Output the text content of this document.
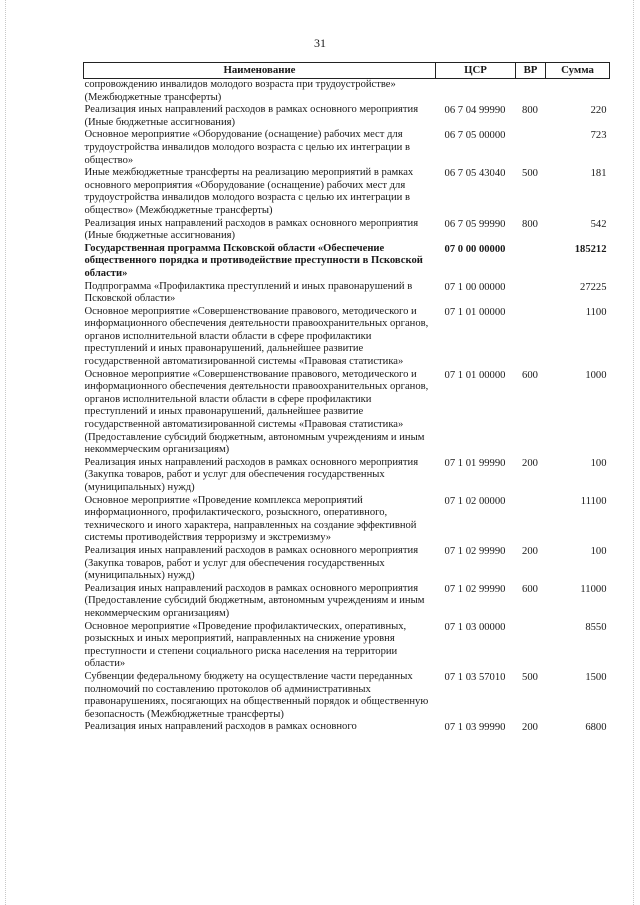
31
Наименование	ЦСР	ВР	Сумма
сопровождению инвалидов молодого возраста при трудоустройстве» (Межбюджетные трансферты)			
Реализация иных направлений расходов в рамках основного мероприятия (Иные бюджетные ассигнования)	06 7 04 99990	800	220
Основное мероприятие «Оборудование (оснащение) рабочих мест для трудоустройства инвалидов молодого возраста с целью их интеграции в общество»	06 7 05 00000		723
Иные межбюджетные трансферты на реализацию мероприятий в рамках основного мероприятия «Оборудование (оснащение) рабочих мест для трудоустройства инвалидов молодого возраста с целью их интеграции в общество» (Межбюджетные трансферты)	06 7 05 43040	500	181
Реализация иных направлений расходов в рамках основного мероприятия (Иные бюджетные ассигнования)	06 7 05 99990	800	542
Государственная программа Псковской области «Обеспечение общественного порядка и противодействие преступности в Псковской области»	07 0 00 00000		185212
Подпрограмма «Профилактика преступлений и иных правонарушений в Псковской области»	07 1 00 00000		27225
Основное мероприятие «Совершенствование правового, методического и информационного обеспечения деятельности правоохранительных органов, органов исполнительной власти области в сфере профилактики преступлений и иных правонарушений, дальнейшее развитие государственной автоматизированной системы «Правовая статистика»	07 1 01 00000		1100
Основное мероприятие «Совершенствование правового, методического и информационного обеспечения деятельности правоохранительных органов, органов исполнительной власти области в сфере профилактики преступлений и иных правонарушений, дальнейшее развитие государственной автоматизированной системы «Правовая статистика» (Предоставление субсидий бюджетным, автономным учреждениям и иным некоммерческим организациям)	07 1 01 00000	600	1000
Реализация иных направлений расходов в рамках основного мероприятия (Закупка товаров, работ и услуг для обеспечения государственных (муниципальных) нужд)	07 1 01 99990	200	100
Основное мероприятие «Проведение комплекса мероприятий информационного, профилактического, розыскного, оперативного, технического и иного характера, направленных на создание эффективной системы противодействия терроризму и экстремизму»	07 1 02 00000		11100
Реализация иных направлений расходов в рамках основного мероприятия (Закупка товаров, работ и услуг для обеспечения государственных (муниципальных) нужд)	07 1 02 99990	200	100
Реализация иных направлений расходов в рамках основного мероприятия (Предоставление субсидий бюджетным, автономным учреждениям и иным некоммерческим организациям)	07 1 02 99990	600	11000
Основное мероприятие «Проведение профилактических, оперативных, розыскных и иных мероприятий, направленных на снижение уровня преступности и степени социального риска населения на территории области»	07 1 03 00000		8550
Субвенции федеральному бюджету на осуществление части переданных полномочий по составлению протоколов об административных правонарушениях, посягающих на общественный порядок и общественную безопасность (Межбюджетные трансферты)	07 1 03 57010	500	1500
Реализация иных направлений расходов в рамках основного	07 1 03 99990	200	6800
